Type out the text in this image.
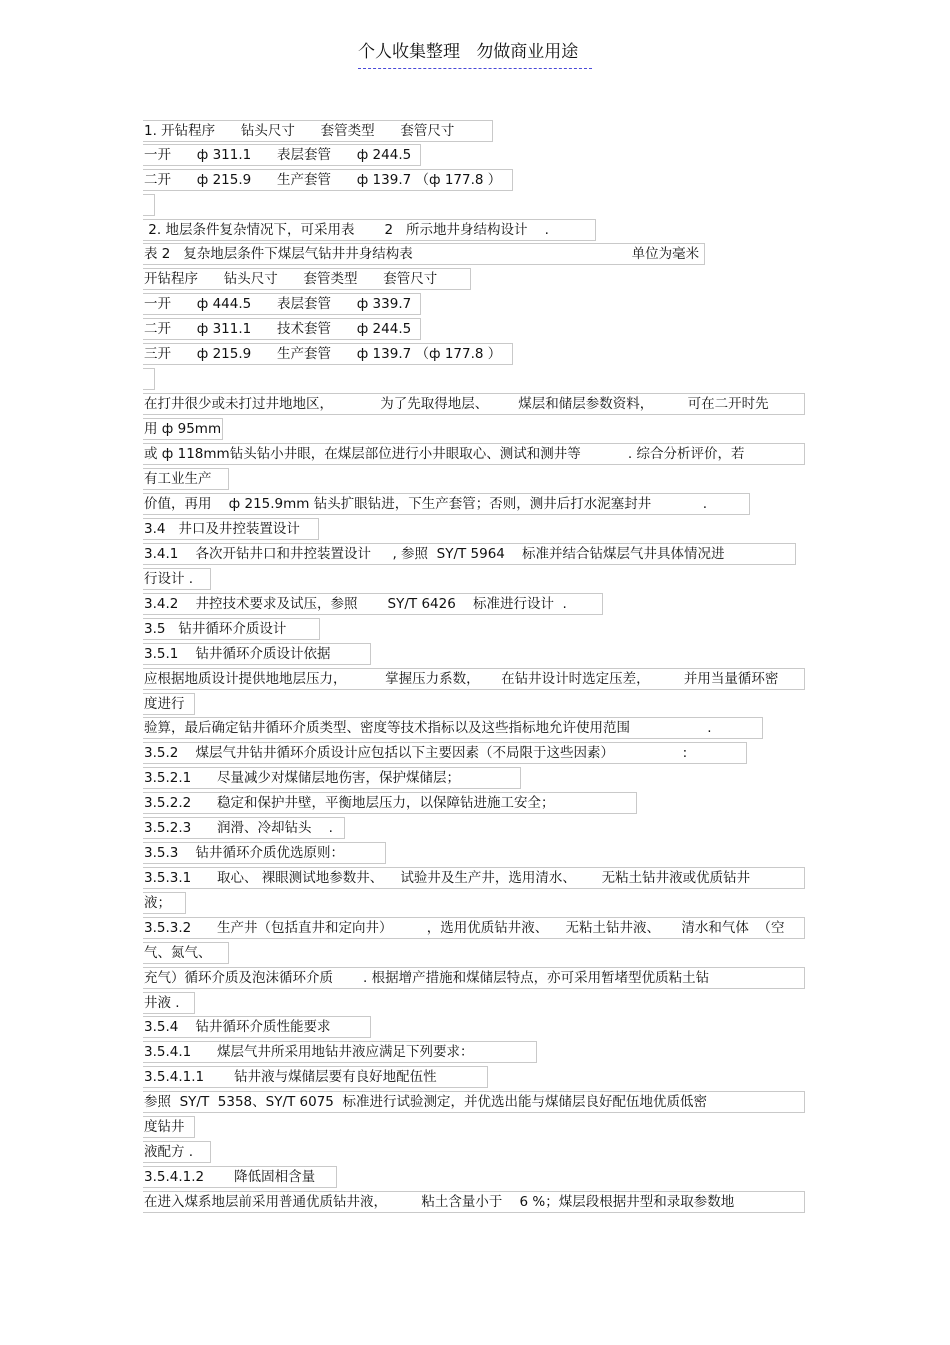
个人收集整理   勿做商业用途
1. 开钻程序      钻头尺寸      套管类型      套管尺寸
一开      ф 311.1      表层套管      ф 244.5
二开      ф 215.9      生产套管      ф 139.7 （ф 177.8 ）
2. 地层条件复杂情况下，可采用表       2   所示地井身结构设计    .
表 2   复杂地层条件下煤层气钻井井身结构表                                                   单位为毫米
开钻程序      钻头尺寸      套管类型      套管尺寸
一开      ф 444.5      表层套管      ф 339.7
二开      ф 311.1      技术套管      ф 244.5
三开      ф 215.9      生产套管      ф 139.7 （ф 177.8 ）
在打井很少或未打过井地地区，           为了先取得地层、       煤层和储层参数资料，        可在二开时先
用 ф 95mm
或 ф 118mm钻头钻小井眼，在煤层部位进行小井眼取心、测试和测井等           . 综合分析评价，若
有工业生产
价值，再用    ф 215.9mm 钻头扩眼钻进，下生产套管；否则，测井后打水泥塞封井            .
3.4   井口及井控装置设计
3.4.1    各次开钻井口和井控装置设计     , 参照  SY/T 5964    标准并结合钻煤层气井具体情况进
行设计 .
3.4.2    井控技术要求及试压，参照       SY/T 6426    标准进行设计  .
3.5   钻井循环介质设计
3.5.1    钻井循环介质设计依据
应根据地质设计提供地地层压力，         掌握压力系数，     在钻井设计时选定压差，        并用当量循环密
度进行
验算，最后确定钻井循环介质类型、密度等技术指标以及这些指标地允许使用范围                  .
3.5.2    煤层气井钻井循环介质设计应包括以下主要因素（不局限于这些因素）                :
3.5.2.1      尽量减少对煤储层地伤害，保护煤储层；
3.5.2.2      稳定和保护井壁，平衡地层压力，以保障钻进施工安全；
3.5.2.3      润滑、冷却钻头    .
3.5.3    钻井循环介质优选原则：
3.5.3.1      取心、 裸眼测试地参数井、    试验井及生产井，选用清水、      无粘土钻井液或优质钻井
液；
3.5.3.2      生产井（包括直井和定向井）        ，选用优质钻井液、    无粘土钻井液、     清水和气体  （空
气、氮气、
充气）循环介质及泡沫循环介质       . 根据增产措施和煤储层特点，亦可采用暂堵型优质粘土钻
井液 .
3.5.4    钻井循环介质性能要求
3.5.4.1      煤层气井所采用地钻井液应满足下列要求：
3.5.4.1.1       钻井液与煤储层要有良好地配伍性
参照  SY/T  5358、SY/T 6075  标准进行试验测定，并优选出能与煤储层良好配伍地优质低密
度钻井
液配方 .
3.5.4.1.2       降低固相含量
在进入煤系地层前采用普通优质钻井液，        粘土含量小于    6 %；煤层段根据井型和录取参数地
